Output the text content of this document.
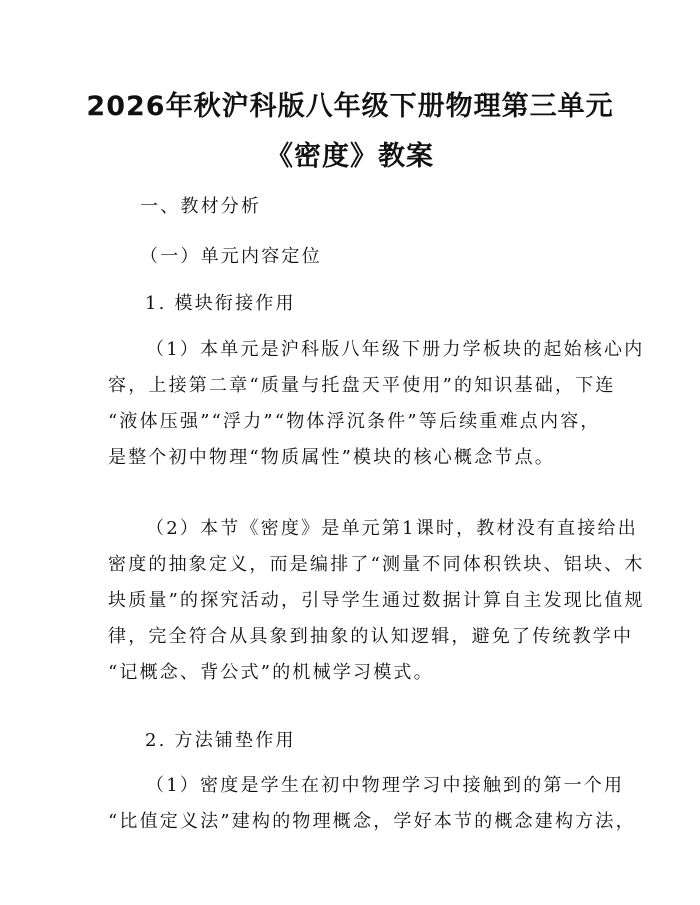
2026年秋沪科版八年级下册物理第三单元
《密度》教案

一、教材分析

（一）单元内容定位

1. 模块衔接作用

（1）本单元是沪科版八年级下册力学板块的起始核心内

容，上接第二章“质量与托盘天平使用”的知识基础，下连

“液体压强”“浮力”“物体浮沉条件”等后续重难点内容，

是整个初中物理“物质属性”模块的核心概念节点。

（2）本节《密度》是单元第1课时，教材没有直接给出

密度的抽象定义，而是编排了“测量不同体积铁块、铝块、木

块质量”的探究活动，引导学生通过数据计算自主发现比值规

律，完全符合从具象到抽象的认知逻辑，避免了传统教学中

“记概念、背公式”的机械学习模式。

2. 方法铺垫作用

（1）密度是学生在初中物理学习中接触到的第一个用

“比值定义法”建构的物理概念，学好本节的概念建构方法，
